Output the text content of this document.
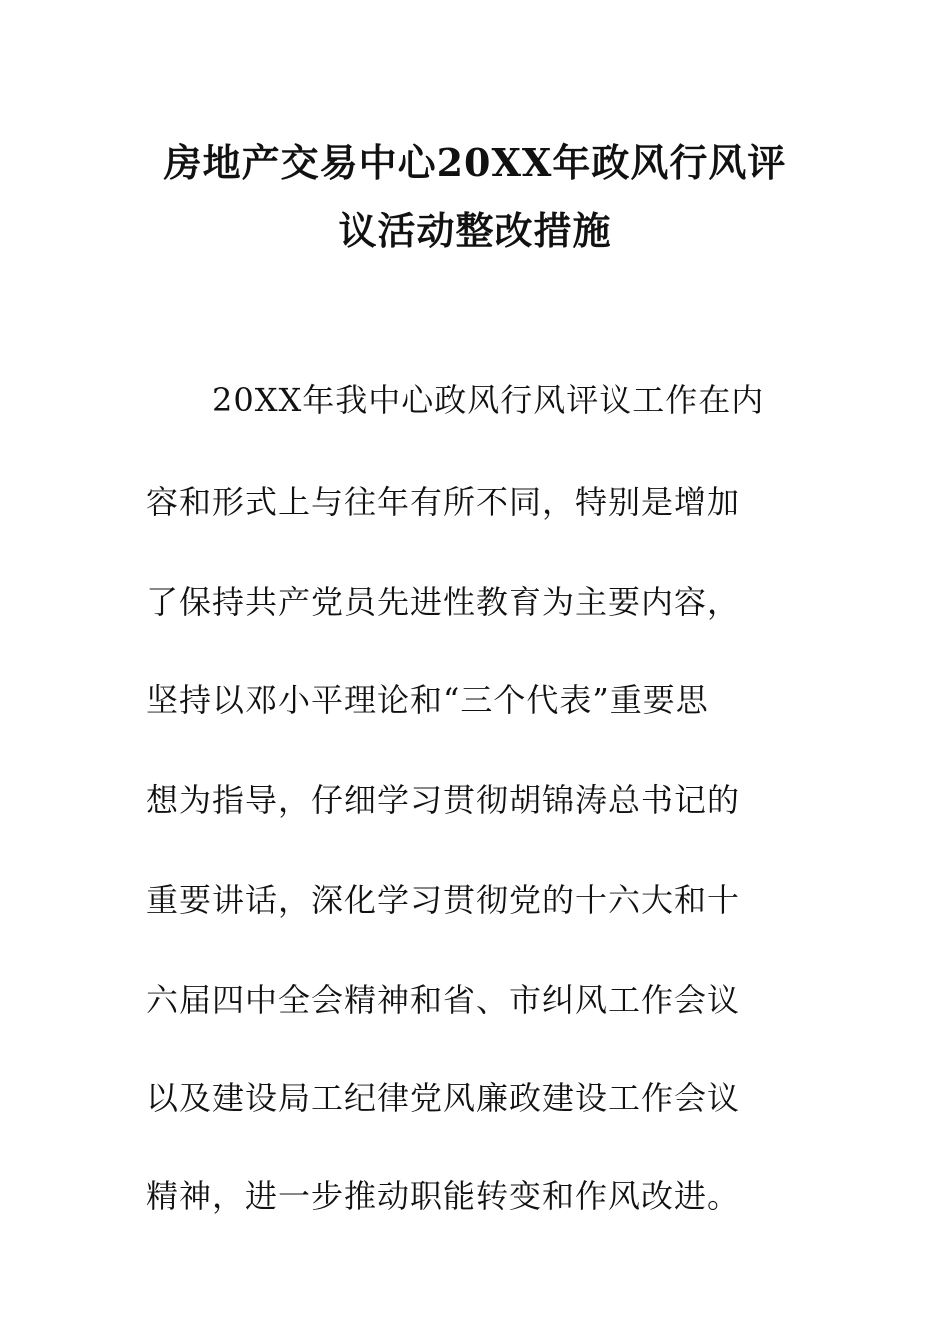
房地产交易中心20XX年政风行风评
议活动整改措施
20XX年我中心政风行风评议工作在内
容和形式上与往年有所不同，特别是增加
了保持共产党员先进性教育为主要内容，
坚持以邓小平理论和“三个代表”重要思
想为指导，仔细学习贯彻胡锦涛总书记的
重要讲话，深化学习贯彻党的十六大和十
六届四中全会精神和省、市纠风工作会议
以及建设局工纪律党风廉政建设工作会议
精神，进一步推动职能转变和作风改进。
